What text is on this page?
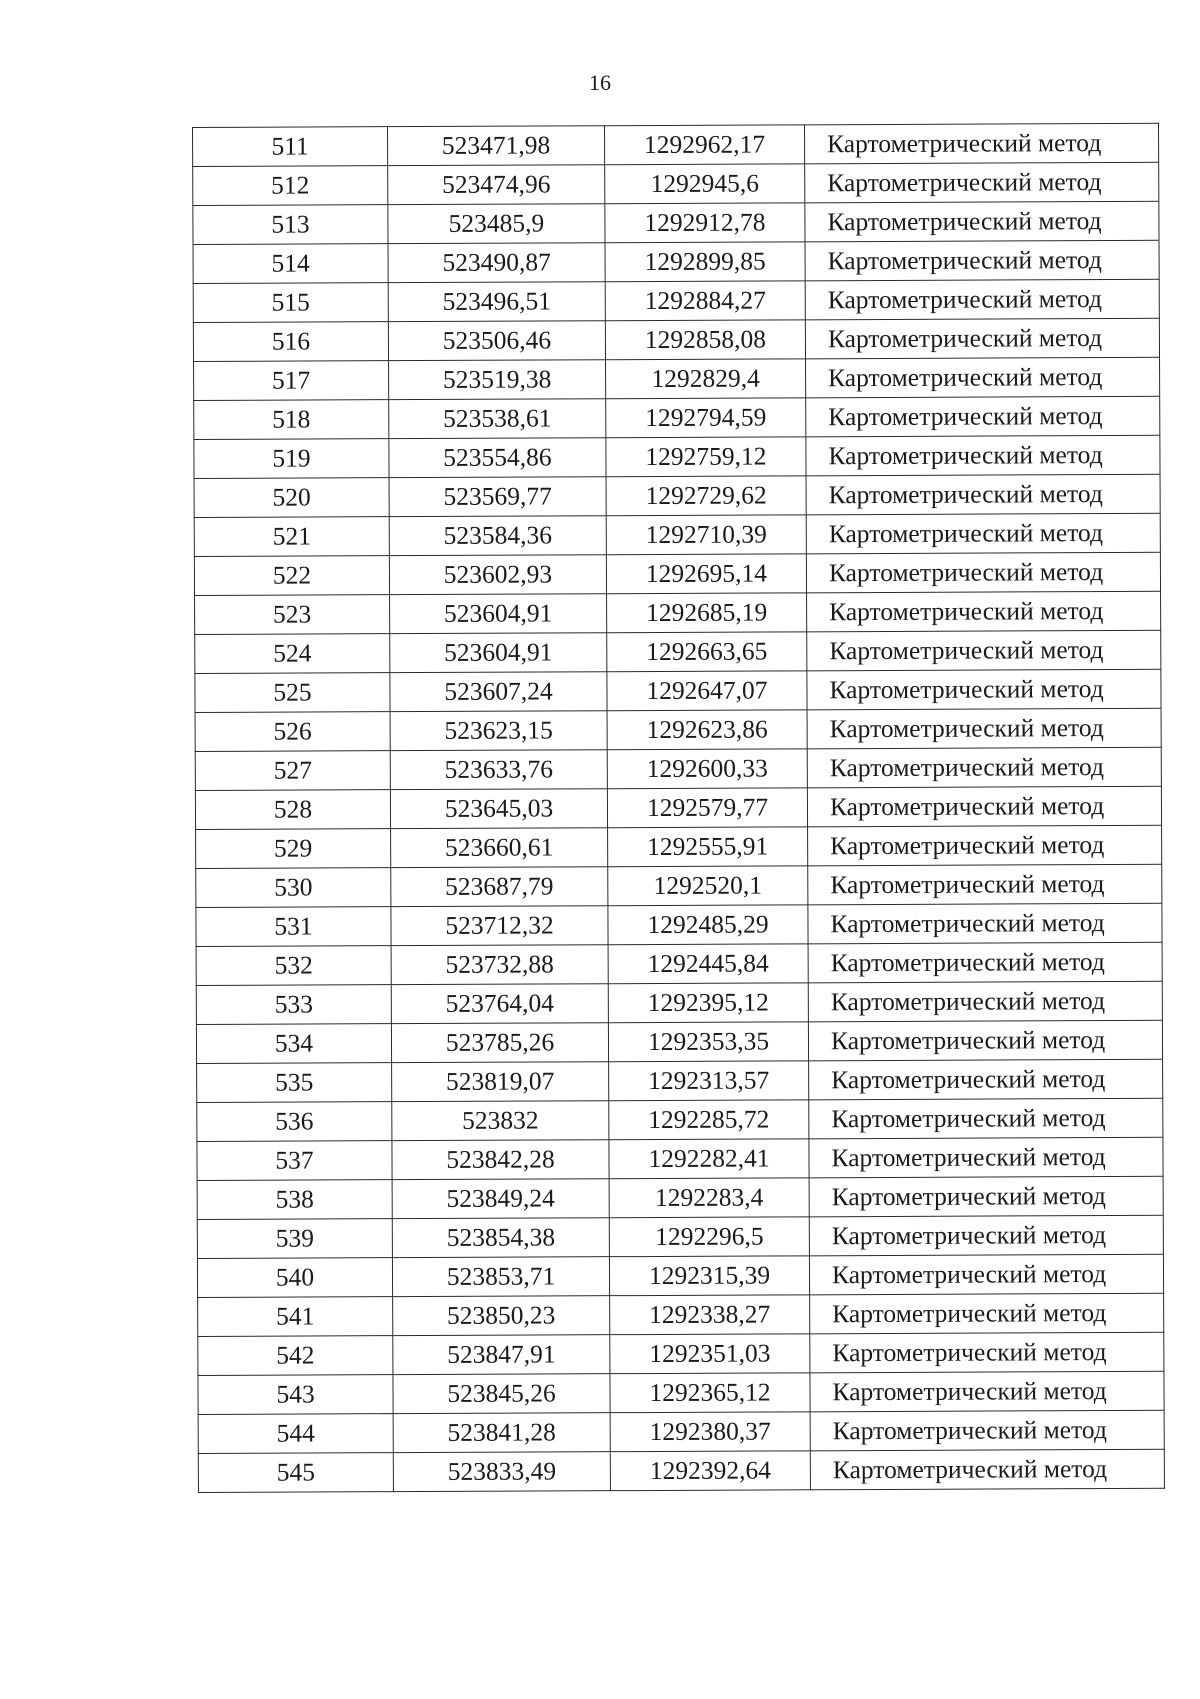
16
511	523471,98	1292962,17	Картометрический метод
512	523474,96	1292945,6	Картометрический метод
513	523485,9	1292912,78	Картометрический метод
514	523490,87	1292899,85	Картометрический метод
515	523496,51	1292884,27	Картометрический метод
516	523506,46	1292858,08	Картометрический метод
517	523519,38	1292829,4	Картометрический метод
518	523538,61	1292794,59	Картометрический метод
519	523554,86	1292759,12	Картометрический метод
520	523569,77	1292729,62	Картометрический метод
521	523584,36	1292710,39	Картометрический метод
522	523602,93	1292695,14	Картометрический метод
523	523604,91	1292685,19	Картометрический метод
524	523604,91	1292663,65	Картометрический метод
525	523607,24	1292647,07	Картометрический метод
526	523623,15	1292623,86	Картометрический метод
527	523633,76	1292600,33	Картометрический метод
528	523645,03	1292579,77	Картометрический метод
529	523660,61	1292555,91	Картометрический метод
530	523687,79	1292520,1	Картометрический метод
531	523712,32	1292485,29	Картометрический метод
532	523732,88	1292445,84	Картометрический метод
533	523764,04	1292395,12	Картометрический метод
534	523785,26	1292353,35	Картометрический метод
535	523819,07	1292313,57	Картометрический метод
536	523832	1292285,72	Картометрический метод
537	523842,28	1292282,41	Картометрический метод
538	523849,24	1292283,4	Картометрический метод
539	523854,38	1292296,5	Картометрический метод
540	523853,71	1292315,39	Картометрический метод
541	523850,23	1292338,27	Картометрический метод
542	523847,91	1292351,03	Картометрический метод
543	523845,26	1292365,12	Картометрический метод
544	523841,28	1292380,37	Картометрический метод
545	523833,49	1292392,64	Картометрический метод
